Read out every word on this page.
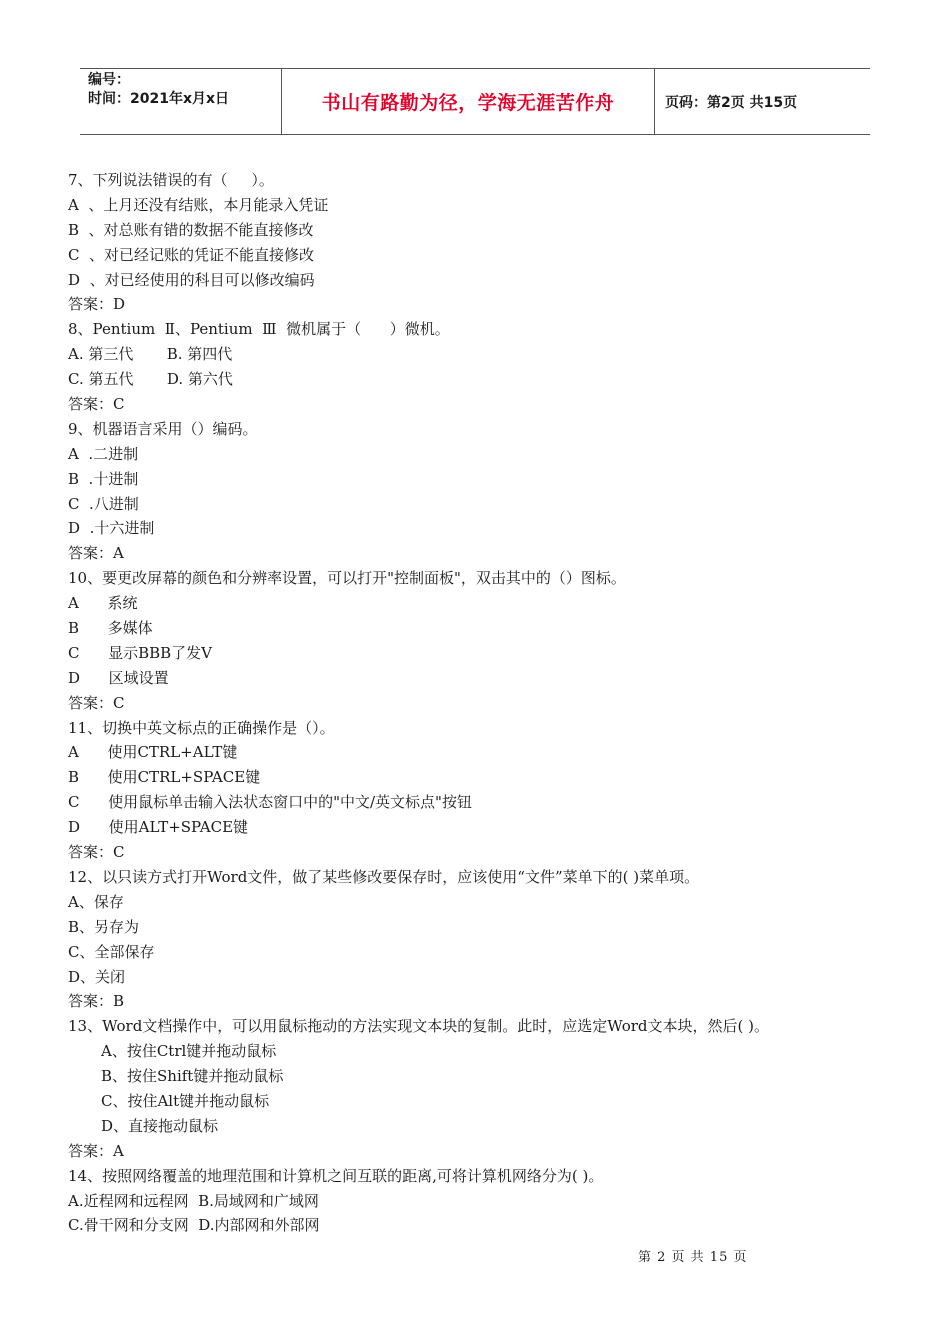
编号：
时间：2021年x月x日	书山有路勤为径，学海无涯苦作舟	页码：第2页 共15页
7、下列说法错误的有（     ）。
A  、上月还没有结账，本月能录入凭证
B  、对总账有错的数据不能直接修改
C  、对已经记账的凭证不能直接修改
D  、对已经使用的科目可以修改编码
答案：D
8、Pentium  Ⅱ、Pentium  Ⅲ  微机属于（      ）微机。
A. 第三代       B. 第四代
C. 第五代       D. 第六代
答案：C
9、机器语言采用（）编码。
A  .二进制
B  .十进制
C  .八进制
D  .十六进制
答案：A
10、要更改屏幕的颜色和分辨率设置，可以打开"控制面板"，双击其中的（）图标。
A      系统
B      多媒体
C      显示BBB了发V
D      区域设置
答案：C
11、切换中英文标点的正确操作是（）。
A      使用CTRL+ALT键
B      使用CTRL+SPACE键
C      使用鼠标单击输入法状态窗口中的"中文/英文标点"按钮
D      使用ALT+SPACE键
答案：C
12、以只读方式打开Word文件，做了某些修改要保存时，应该使用“文件”菜单下的( )菜单项。
A、保存
B、另存为
C、全部保存
D、关闭
答案：B
13、Word文档操作中，可以用鼠标拖动的方法实现文本块的复制。此时，应选定Word文本块，然后( )。
A、按住Ctrl键并拖动鼠标
B、按住Shift键并拖动鼠标
C、按住Alt键并拖动鼠标
D、直接拖动鼠标
答案：A
14、按照网络覆盖的地理范围和计算机之间互联的距离,可将计算机网络分为( )。
A.近程网和远程网  B.局域网和广域网
C.骨干网和分支网  D.内部网和外部网
第 2 页 共 15 页
